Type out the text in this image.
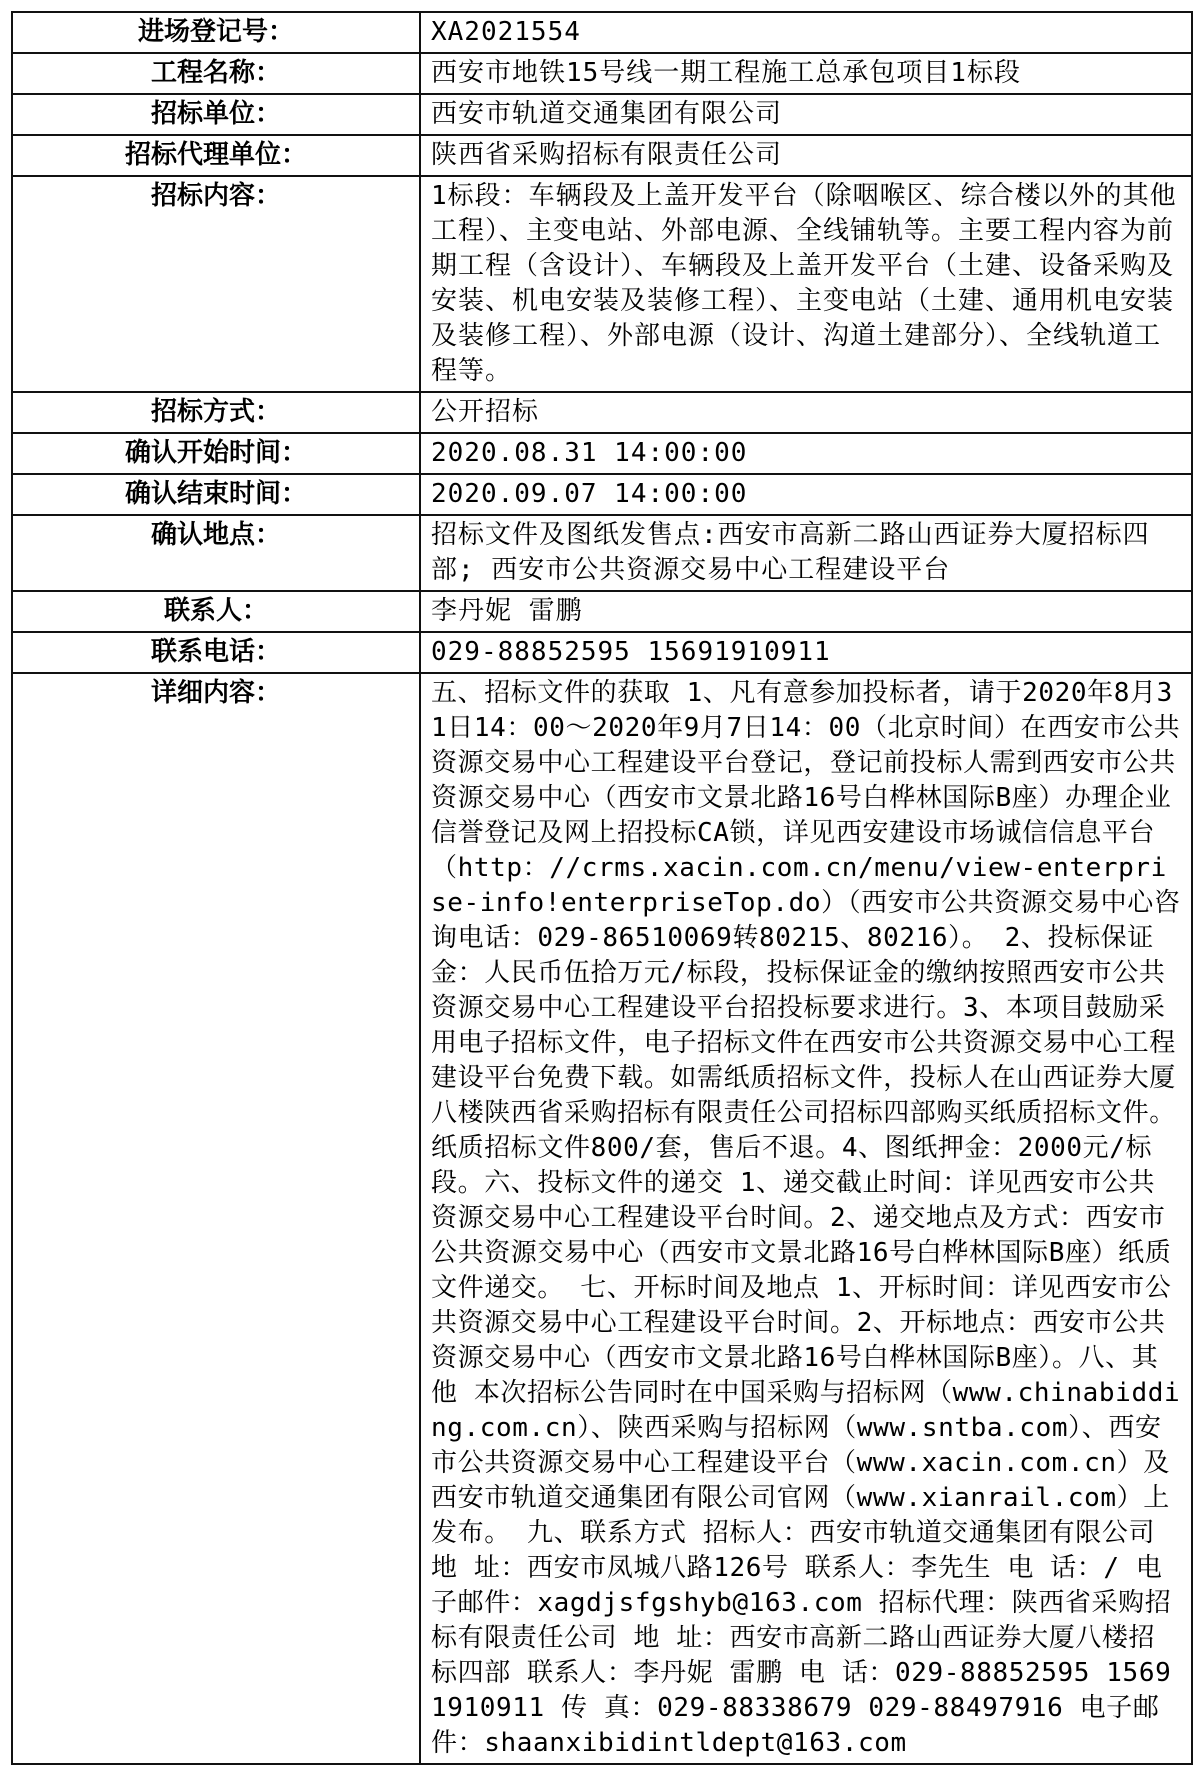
进场登记号：	XA2021554
工程名称：	西安市地铁15号线一期工程施工总承包项目1标段
招标单位：	西安市轨道交通集团有限公司
招标代理单位：	陕西省采购招标有限责任公司
招标内容：	1标段：车辆段及上盖开发平台（除咽喉区、综合楼以外的其他工程）、主变电站、外部电源、全线铺轨等。主要工程内容为前期工程（含设计）、车辆段及上盖开发平台（土建、设备采购及安装、机电安装及装修工程）、主变电站（土建、通用机电安装及装修工程）、外部电源（设计、沟道土建部分）、全线轨道工程等。
招标方式：	公开招标
确认开始时间：	2020.08.31 14:00:00
确认结束时间：	2020.09.07 14:00:00
确认地点：	招标文件及图纸发售点:西安市高新二路山西证券大厦招标四部; 西安市公共资源交易中心工程建设平台
联系人：	李丹妮 雷鹏
联系电话：	029-88852595 15691910911
详细内容：	五、招标文件的获取 1、凡有意参加投标者，请于2020年8月31日14：00～2020年9月7日14：00（北京时间）在西安市公共资源交易中心工程建设平台登记，登记前投标人需到西安市公共资源交易中心（西安市文景北路16号白桦林国际B座）办理企业信誉登记及网上招投标CA锁，详见西安建设市场诚信信息平台（http：//crms.xacin.com.cn/menu/view-enterprise-info!enterpriseTop.do）（西安市公共资源交易中心咨询电话：029-86510069转80215、80216）。 2、投标保证金：人民币伍拾万元/标段，投标保证金的缴纳按照西安市公共资源交易中心工程建设平台招投标要求进行。3、本项目鼓励采用电子招标文件，电子招标文件在西安市公共资源交易中心工程建设平台免费下载。如需纸质招标文件，投标人在山西证券大厦八楼陕西省采购招标有限责任公司招标四部购买纸质招标文件。纸质招标文件800/套，售后不退。4、图纸押金：2000元/标段。六、投标文件的递交 1、递交截止时间：详见西安市公共资源交易中心工程建设平台时间。2、递交地点及方式：西安市公共资源交易中心（西安市文景北路16号白桦林国际B座）纸质文件递交。 七、开标时间及地点 1、开标时间：详见西安市公共资源交易中心工程建设平台时间。2、开标地点：西安市公共资源交易中心（西安市文景北路16号白桦林国际B座）。八、其他 本次招标公告同时在中国采购与招标网（www.chinabidding.com.cn）、陕西采购与招标网（www.sntba.com）、西安市公共资源交易中心工程建设平台（www.xacin.com.cn）及西安市轨道交通集团有限公司官网（www.xianrail.com）上发布。 九、联系方式 招标人：西安市轨道交通集团有限公司 地 址：西安市凤城八路126号 联系人：李先生 电 话：/ 电子邮件：xagdjsfgshyb@163.com 招标代理：陕西省采购招标有限责任公司 地 址：西安市高新二路山西证券大厦八楼招标四部 联系人：李丹妮 雷鹏 电 话：029-88852595 15691910911 传 真：029-88338679 029-88497916 电子邮件：shaanxibidintldept@163.com
